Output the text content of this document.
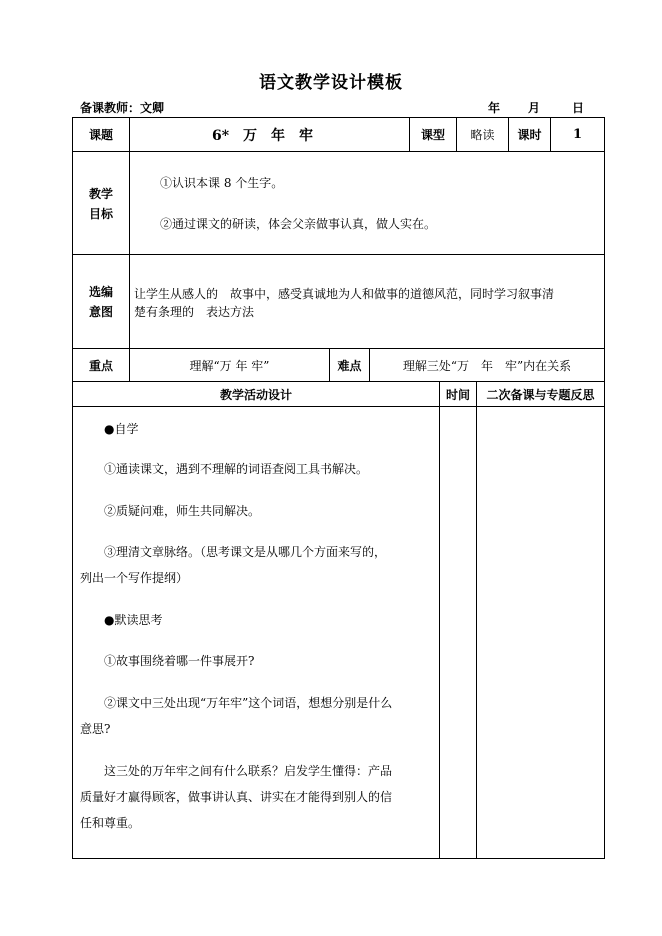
语文教学设计模板
备课教师：文卿	年 月	日
课题	6*　万　年　牢	课型	略读	课时	1
教学
目标
①认识本课 8 个生字。
②通过课文的研读，体会父亲做事认真，做人实在。
选编
意图
让学生从感人的　故事中，感受真诚地为人和做事的道德风范，同时学习叙事清
楚有条理的　表达方法
重点	理解“万 年 牢”	难点	理解三处“万　年　牢”内在关系
教学活动设计	时间	二次备课与专题反思
●自学
①通读课文，遇到不理解的词语查阅工具书解决。
②质疑问难，师生共同解决。
③理清文章脉络。（思考课文是从哪几个方面来写的，
列出一个写作提纲）
●默读思考
①故事围绕着哪一件事展开?
②课文中三处出现“万年牢”这个词语，想想分别是什么
意思?
这三处的万年牢之间有什么联系？启发学生懂得：产品
质量好才赢得顾客，做事讲认真、讲实在才能得到别人的信
任和尊重。
